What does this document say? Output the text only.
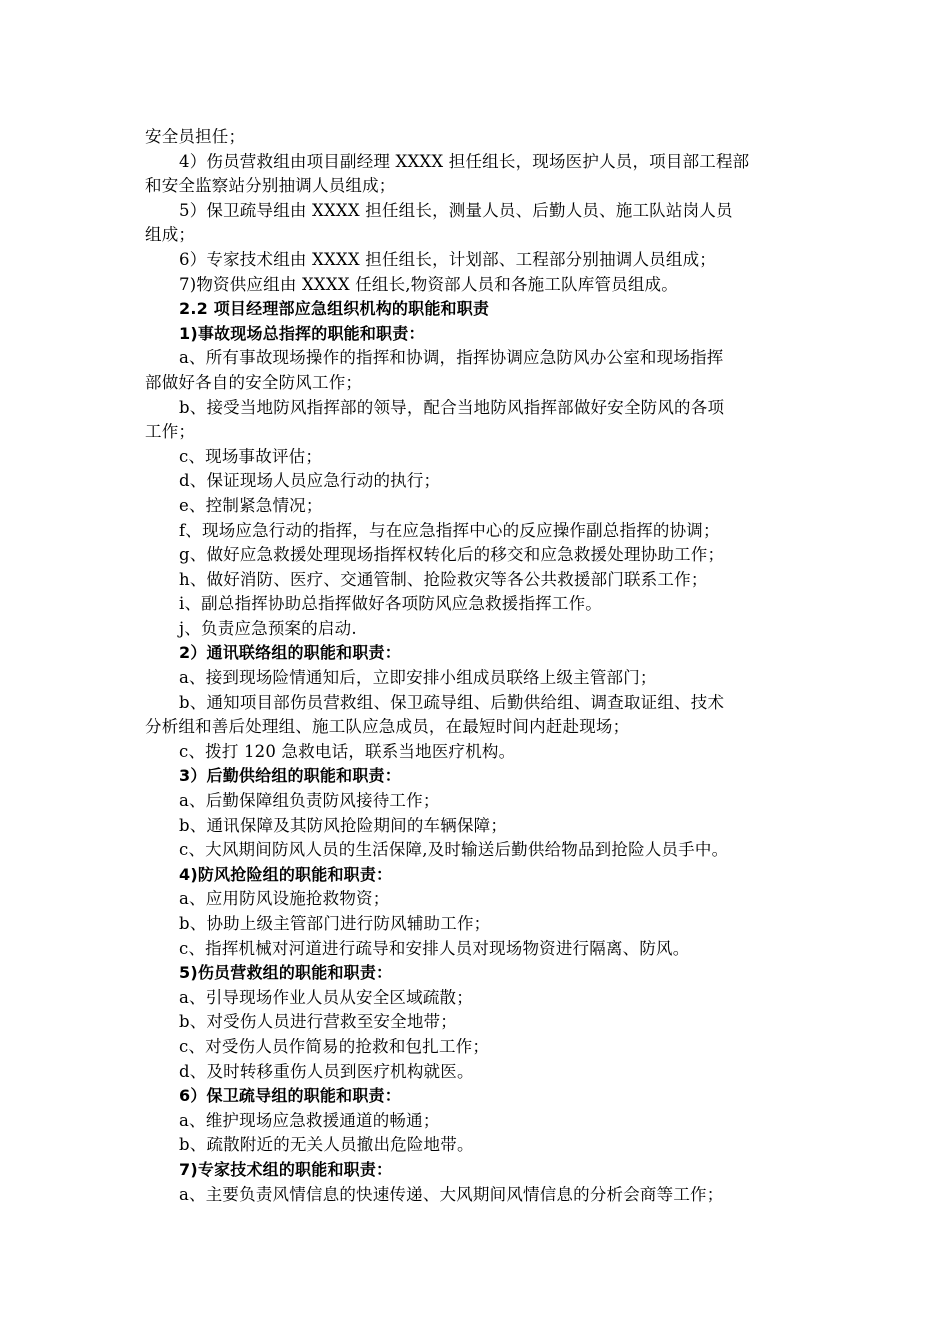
安全员担任；
4）伤员营救组由项目副经理 XXXX 担任组长，现场医护人员，项目部工程部
和安全监察站分别抽调人员组成；
5）保卫疏导组由 XXXX 担任组长，测量人员、后勤人员、施工队站岗人员
组成；
6）专家技术组由 XXXX 担任组长，计划部、工程部分别抽调人员组成；
7)物资供应组由 XXXX 任组长,物资部人员和各施工队库管员组成。
2.2 项目经理部应急组织机构的职能和职责
1)事故现场总指挥的职能和职责：
a、所有事故现场操作的指挥和协调，指挥协调应急防风办公室和现场指挥
部做好各自的安全防风工作；
b、接受当地防风指挥部的领导，配合当地防风指挥部做好安全防风的各项
工作；
c、现场事故评估；
d、保证现场人员应急行动的执行；
e、控制紧急情况；
f、现场应急行动的指挥，与在应急指挥中心的反应操作副总指挥的协调；
g、做好应急救援处理现场指挥权转化后的移交和应急救援处理协助工作；
h、做好消防、医疗、交通管制、抢险救灾等各公共救援部门联系工作；
i、副总指挥协助总指挥做好各项防风应急救援指挥工作。
j、负责应急预案的启动.
2）通讯联络组的职能和职责：
a、接到现场险情通知后，立即安排小组成员联络上级主管部门；
b、通知项目部伤员营救组、保卫疏导组、后勤供给组、调查取证组、技术
分析组和善后处理组、施工队应急成员，在最短时间内赶赴现场；
c、拨打 120 急救电话，联系当地医疗机构。
3）后勤供给组的职能和职责：
a、后勤保障组负责防风接待工作；
b、通讯保障及其防风抢险期间的车辆保障；
c、大风期间防风人员的生活保障,及时输送后勤供给物品到抢险人员手中。
4)防风抢险组的职能和职责：
a、应用防风设施抢救物资；
b、协助上级主管部门进行防风辅助工作；
c、指挥机械对河道进行疏导和安排人员对现场物资进行隔离、防风。
5)伤员营救组的职能和职责：
a、引导现场作业人员从安全区域疏散；
b、对受伤人员进行营救至安全地带；
c、对受伤人员作简易的抢救和包扎工作；
d、及时转移重伤人员到医疗机构就医。
6）保卫疏导组的职能和职责：
a、维护现场应急救援通道的畅通；
b、疏散附近的无关人员撤出危险地带。
7)专家技术组的职能和职责：
a、主要负责风情信息的快速传递、大风期间风情信息的分析会商等工作；
